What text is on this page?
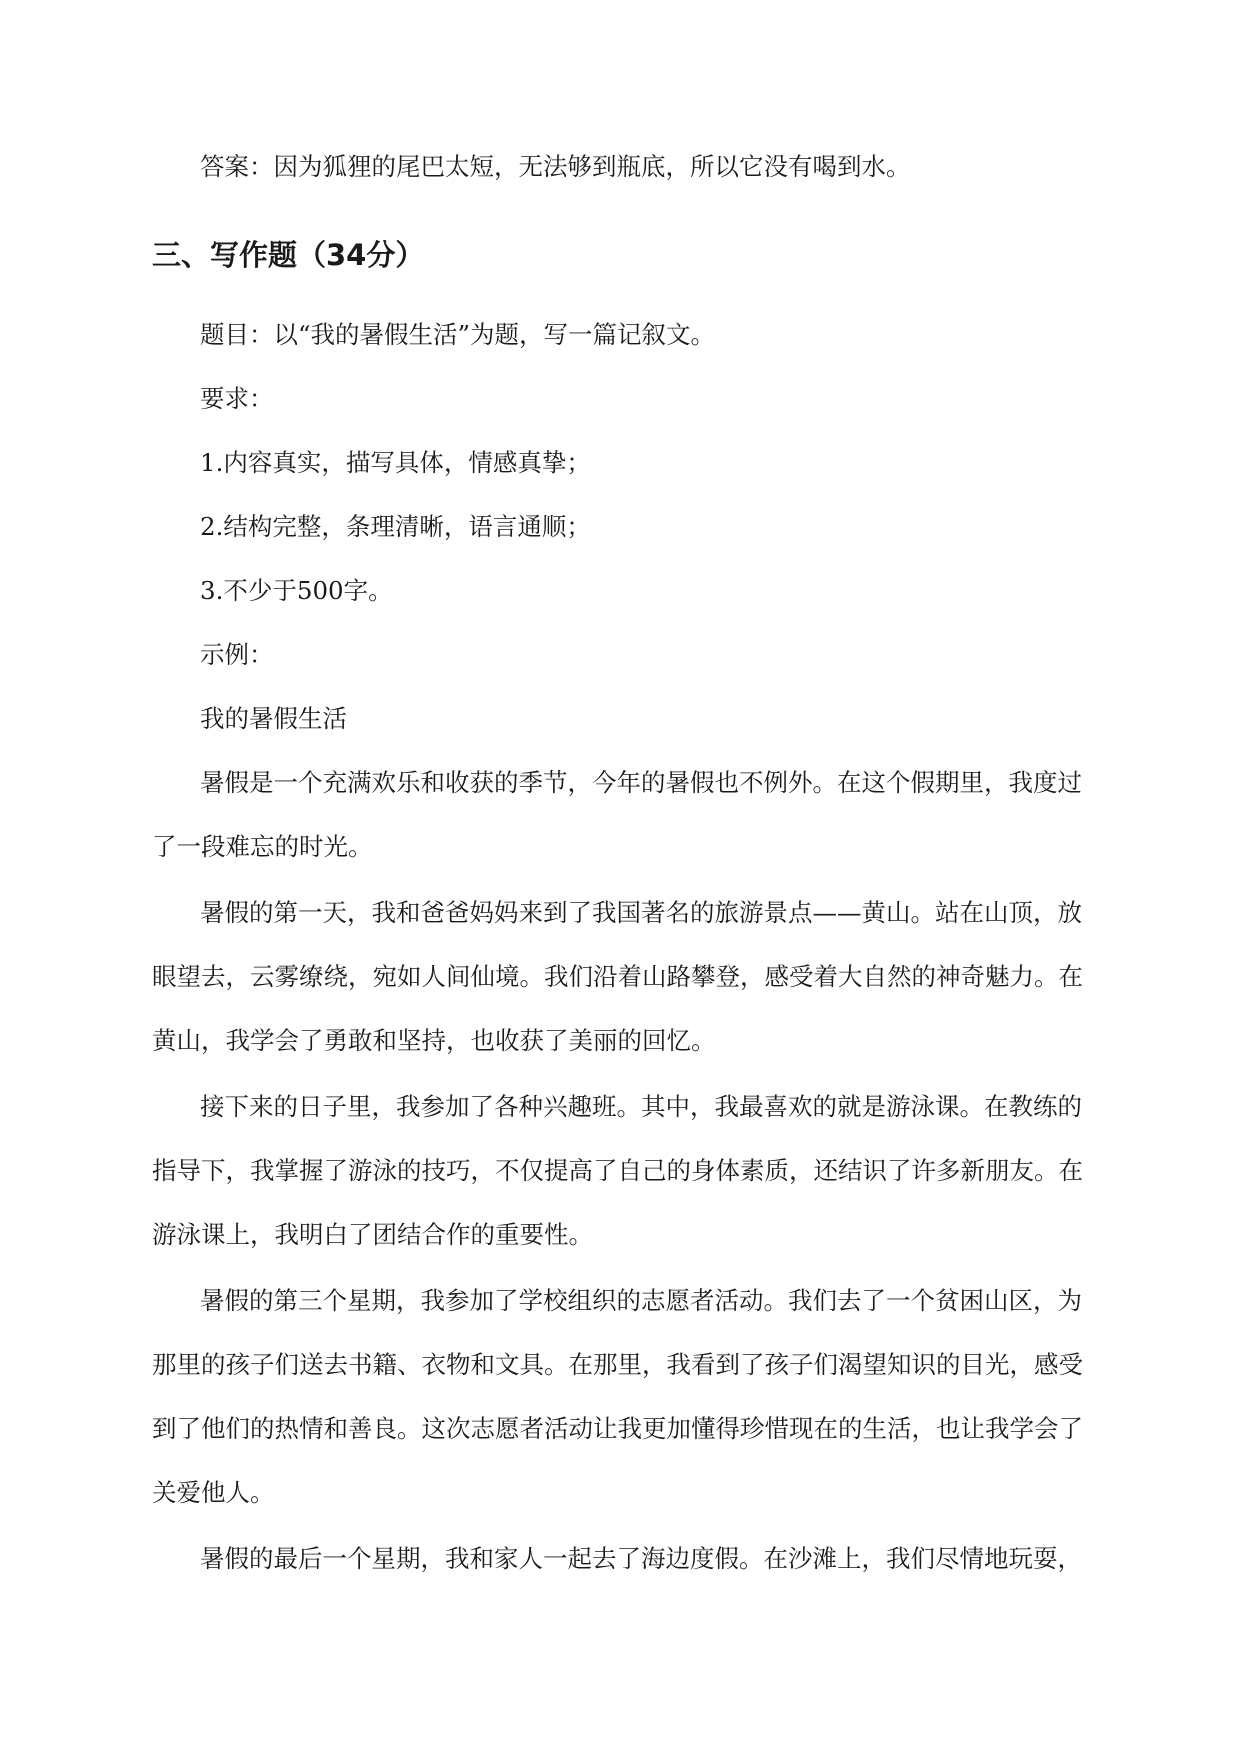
答案：因为狐狸的尾巴太短，无法够到瓶底，所以它没有喝到水。

三、写作题（34分）

题目：以“我的暑假生活”为题，写一篇记叙文。

要求：

1.内容真实，描写具体，情感真挚；

2.结构完整，条理清晰，语言通顺；

3.不少于500字。

示例：

我的暑假生活

暑假是一个充满欢乐和收获的季节，今年的暑假也不例外。在这个假期里，我度过

了一段难忘的时光。

暑假的第一天，我和爸爸妈妈来到了我国著名的旅游景点——黄山。站在山顶，放

眼望去，云雾缭绕，宛如人间仙境。我们沿着山路攀登，感受着大自然的神奇魅力。在

黄山，我学会了勇敢和坚持，也收获了美丽的回忆。

接下来的日子里，我参加了各种兴趣班。其中，我最喜欢的就是游泳课。在教练的

指导下，我掌握了游泳的技巧，不仅提高了自己的身体素质，还结识了许多新朋友。在

游泳课上，我明白了团结合作的重要性。

暑假的第三个星期，我参加了学校组织的志愿者活动。我们去了一个贫困山区，为

那里的孩子们送去书籍、衣物和文具。在那里，我看到了孩子们渴望知识的目光，感受

到了他们的热情和善良。这次志愿者活动让我更加懂得珍惜现在的生活，也让我学会了

关爱他人。

暑假的最后一个星期，我和家人一起去了海边度假。在沙滩上，我们尽情地玩耍，
